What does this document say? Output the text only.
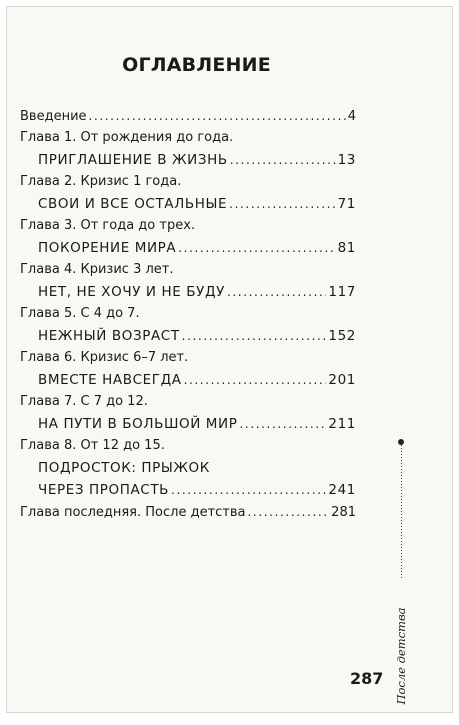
ОГЛАВЛЕНИЕ
Введение .....	4
Глава 1. От рождения до года.
ПРИГЛАШЕНИЕ В ЖИЗНЬ .....	13
Глава 2. Кризис 1 года.
СВОИ И ВСЕ ОСТАЛЬНЫЕ .....	71
Глава 3. От года до трех.
ПОКОРЕНИЕ МИРА .....	81
Глава 4. Кризис 3 лет.
НЕТ, НЕ ХОЧУ И НЕ БУДУ .....	117
Глава 5. С 4 до 7.
НЕЖНЫЙ ВОЗРАСТ .....	152
Глава 6. Кризис 6–7 лет.
ВМЕСТЕ НАВСЕГДА .....	201
Глава 7. С 7 до 12.
НА ПУТИ В БОЛЬШОЙ МИР .....	211
Глава 8. От 12 до 15.
ПОДРОСТОК: ПРЫЖОК
ЧЕРЕЗ ПРОПАСТЬ .....	241
Глава последняя. После детства .....	281
После детства
287
